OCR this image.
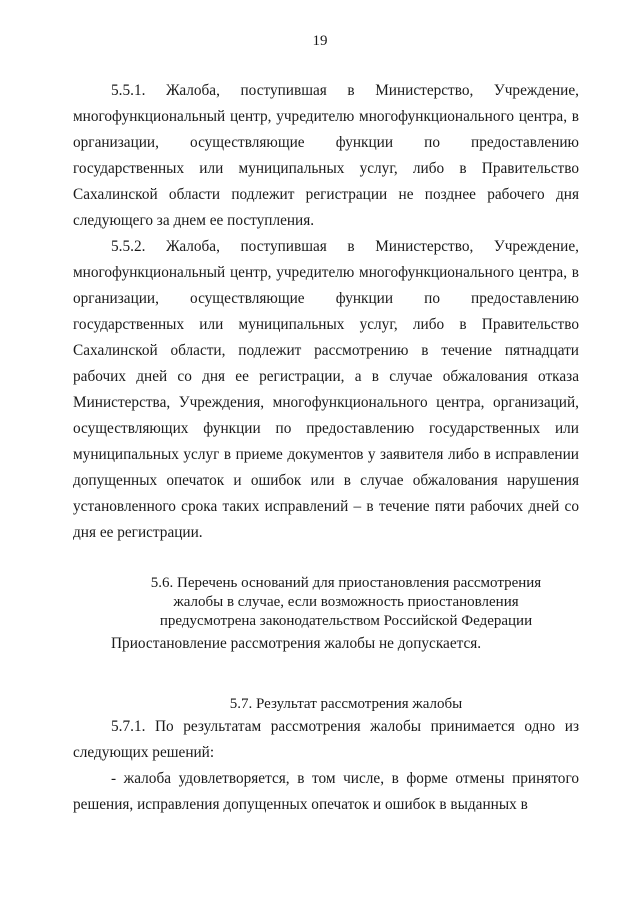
19

5.5.1. Жалоба, поступившая в Министерство, Учреждение, многофункциональный центр, учредителю многофункционального центра, в организации, осуществляющие функции по предоставлению государственных или муниципальных услуг, либо в Правительство Сахалинской области подлежит регистрации не позднее рабочего дня следующего за днем ее поступления.

5.5.2. Жалоба, поступившая в Министерство, Учреждение, многофункциональный центр, учредителю многофункционального центра, в организации, осуществляющие функции по предоставлению государственных или муниципальных услуг, либо в Правительство Сахалинской области, подлежит рассмотрению в течение пятнадцати рабочих дней со дня ее регистрации, а в случае обжалования отказа Министерства, Учреждения, многофункционального центра, организаций, осуществляющих функции по предоставлению государственных или муниципальных услуг в приеме документов у заявителя либо в исправлении допущенных опечаток и ошибок или в случае обжалования нарушения установленного срока таких исправлений – в течение пяти рабочих дней со дня ее регистрации.

5.6. Перечень оснований для приостановления рассмотрения
жалобы в случае, если возможность приостановления
предусмотрена законодательством Российской Федерации

Приостановление рассмотрения жалобы не допускается.

5.7. Результат рассмотрения жалобы

5.7.1. По результатам рассмотрения жалобы принимается одно из следующих решений:

- жалоба удовлетворяется, в том числе, в форме отмены принятого решения, исправления допущенных опечаток и ошибок в выданных в
